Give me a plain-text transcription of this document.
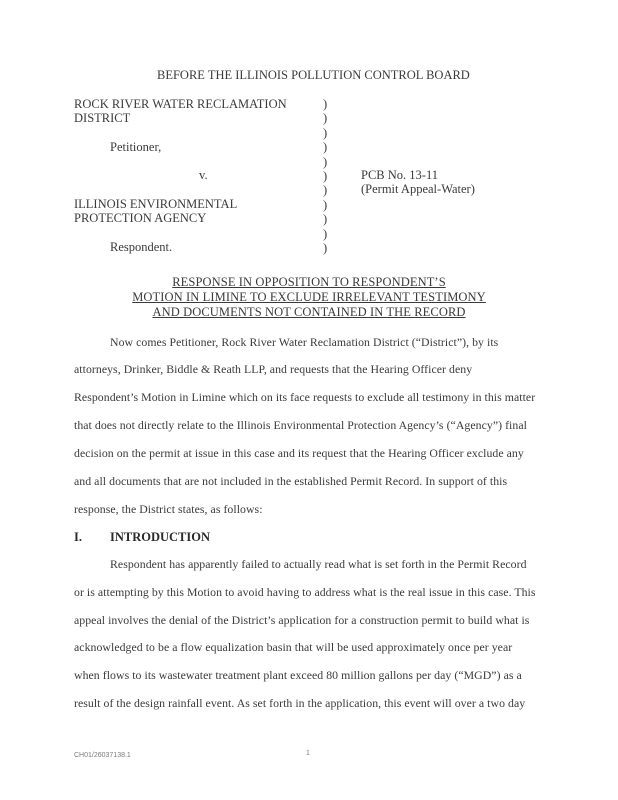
BEFORE THE ILLINOIS POLLUTION CONTROL BOARD
ROCK RIVER WATER RECLAMATION
DISTRICT
Petitioner,
v.
ILLINOIS ENVIRONMENTAL
PROTECTION AGENCY
Respondent.
)
)
)
)
)
)
)
)
)
)
)
PCB No. 13-11
(Permit Appeal-Water)
RESPONSE IN OPPOSITION TO RESPONDENT’S
MOTION IN LIMINE TO EXCLUDE IRRELEVANT TESTIMONY
AND DOCUMENTS NOT CONTAINED IN THE RECORD
Now comes Petitioner, Rock River Water Reclamation District (“District”), by its
attorneys, Drinker, Biddle & Reath LLP, and requests that the Hearing Officer deny
Respondent’s Motion in Limine which on its face requests to exclude all testimony in this matter
that does not directly relate to the Illinois Environmental Protection Agency’s (“Agency”) final
decision on the permit at issue in this case and its request that the Hearing Officer exclude any
and all documents that are not included in the established Permit Record. In support of this
response, the District states, as follows:
I. INTRODUCTION
Respondent has apparently failed to actually read what is set forth in the Permit Record
or is attempting by this Motion to avoid having to address what is the real issue in this case. This
appeal involves the denial of the District’s application for a construction permit to build what is
acknowledged to be a flow equalization basin that will be used approximately once per year
when flows to its wastewater treatment plant exceed 80 million gallons per day (“MGD”) as a
result of the design rainfall event. As set forth in the application, this event will over a two day
CH01/26037138.1	1
